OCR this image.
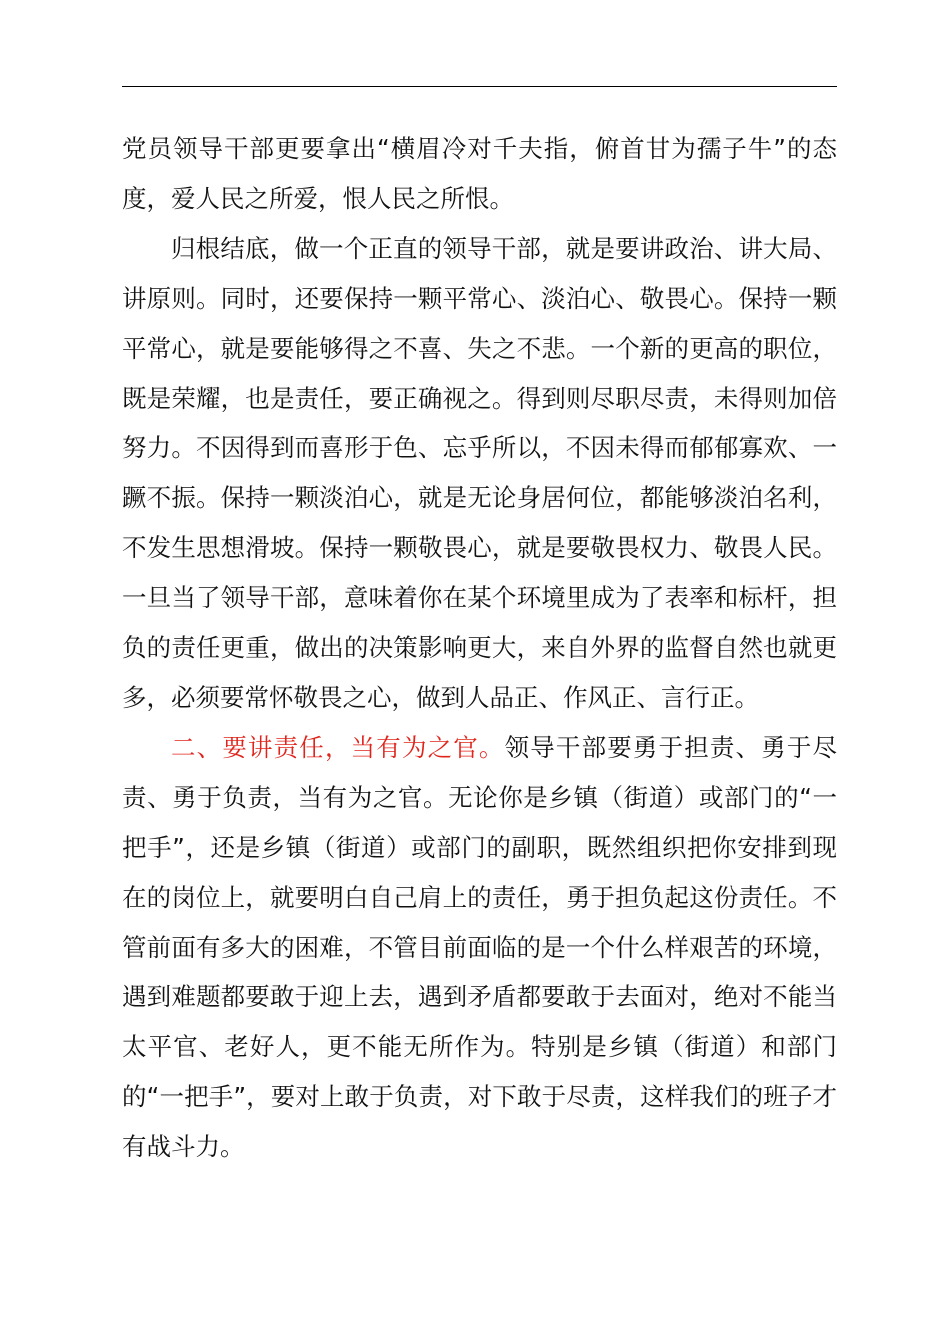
党员领导干部更要拿出“横眉冷对千夫指，俯首甘为孺子牛”的态度，爱人民之所爱，恨人民之所恨。

归根结底，做一个正直的领导干部，就是要讲政治、讲大局、讲原则。同时，还要保持一颗平常心、淡泊心、敬畏心。保持一颗平常心，就是要能够得之不喜、失之不悲。一个新的更高的职位，既是荣耀，也是责任，要正确视之。得到则尽职尽责，未得则加倍努力。不因得到而喜形于色、忘乎所以，不因未得而郁郁寡欢、一蹶不振。保持一颗淡泊心，就是无论身居何位，都能够淡泊名利，不发生思想滑坡。保持一颗敬畏心，就是要敬畏权力、敬畏人民。一旦当了领导干部，意味着你在某个环境里成为了表率和标杆，担负的责任更重，做出的决策影响更大，来自外界的监督自然也就更多，必须要常怀敬畏之心，做到人品正、作风正、言行正。

二、要讲责任，当有为之官。领导干部要勇于担责、勇于尽责、勇于负责，当有为之官。无论你是乡镇（街道）或部门的“一把手”，还是乡镇（街道）或部门的副职，既然组织把你安排到现在的岗位上，就要明白自己肩上的责任，勇于担负起这份责任。不管前面有多大的困难，不管目前面临的是一个什么样艰苦的环境，遇到难题都要敢于迎上去，遇到矛盾都要敢于去面对，绝对不能当太平官、老好人，更不能无所作为。特别是乡镇（街道）和部门的“一把手”，要对上敢于负责，对下敢于尽责，这样我们的班子才有战斗力。
